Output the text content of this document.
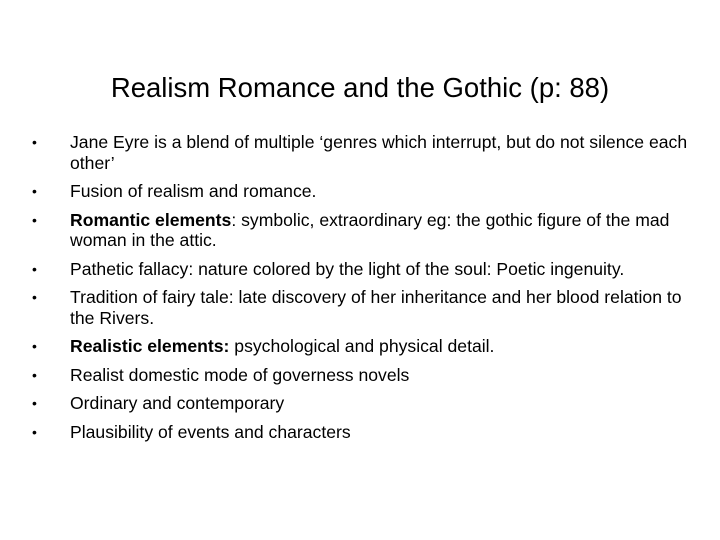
Realism Romance and the Gothic (p: 88)
•	Jane Eyre is a blend of multiple ‘genres which interrupt, but do not silence each other’
•	Fusion of realism and romance.
•	Romantic elements: symbolic, extraordinary eg: the gothic figure of the mad woman in the attic.
•	Pathetic fallacy: nature colored by the light of the soul: Poetic ingenuity.
•	Tradition of fairy tale: late discovery of her inheritance and her blood relation to the Rivers.
•	Realistic elements: psychological and physical detail.
•	Realist domestic mode of governess novels
•	Ordinary and contemporary
•	Plausibility of events and characters
